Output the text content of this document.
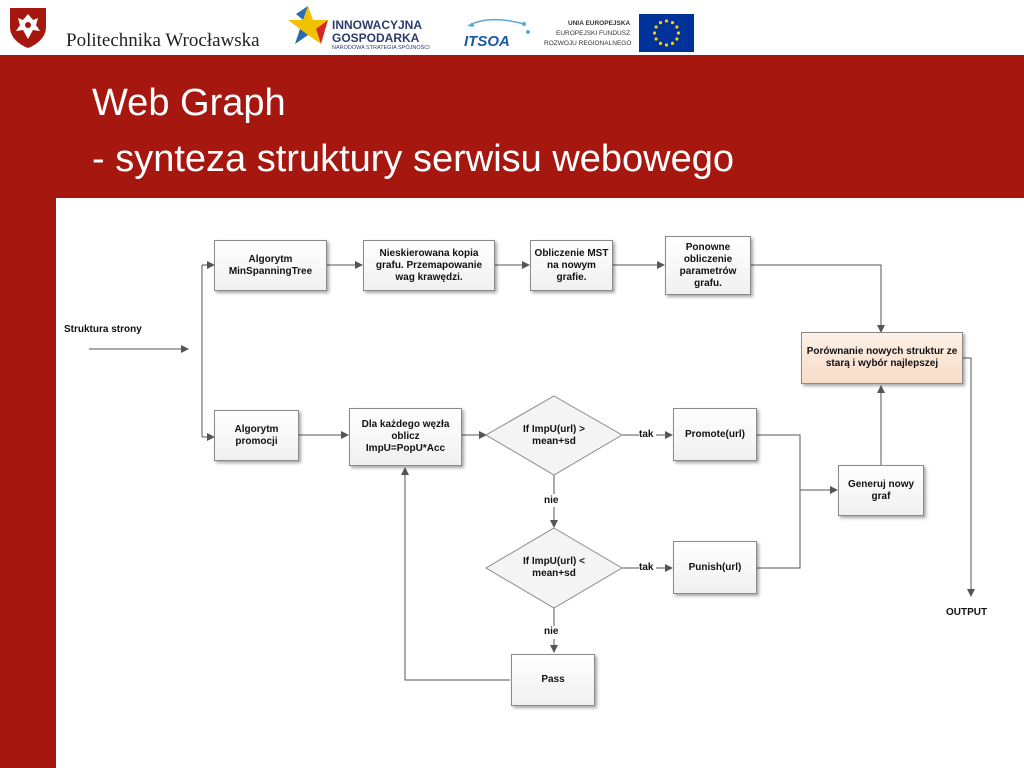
Politechnika Wrocławska
INNOWACYJNA
GOSPODARKA
NARODOWA STRATEGIA SPÓJNOŚCI ITSOA
UNIA EUROPEJSKA
EUROPEJSKI FUNDUSZ
ROZWOJU REGIONALNEGO
Web Graph
- synteza struktury serwisu webowego
If ImpU(url) >
mean+sd
If ImpU(url) <
mean+sd
Struktura strony
OUTPUT
Algorytm MinSpanningTree
Nieskierowana kopia grafu. Przemapowanie wag krawędzi.
Obliczenie MST na nowym grafie.
Ponowne obliczenie parametrów grafu.
Porównanie nowych struktur ze starą i wybór najlepszej
Algorytm promocji
Dla każdego węzła oblicz ImpU=PopU*Acc
Promote(url)
Punish(url)
Generuj nowy graf
Pass
tak
nie
tak
nie
